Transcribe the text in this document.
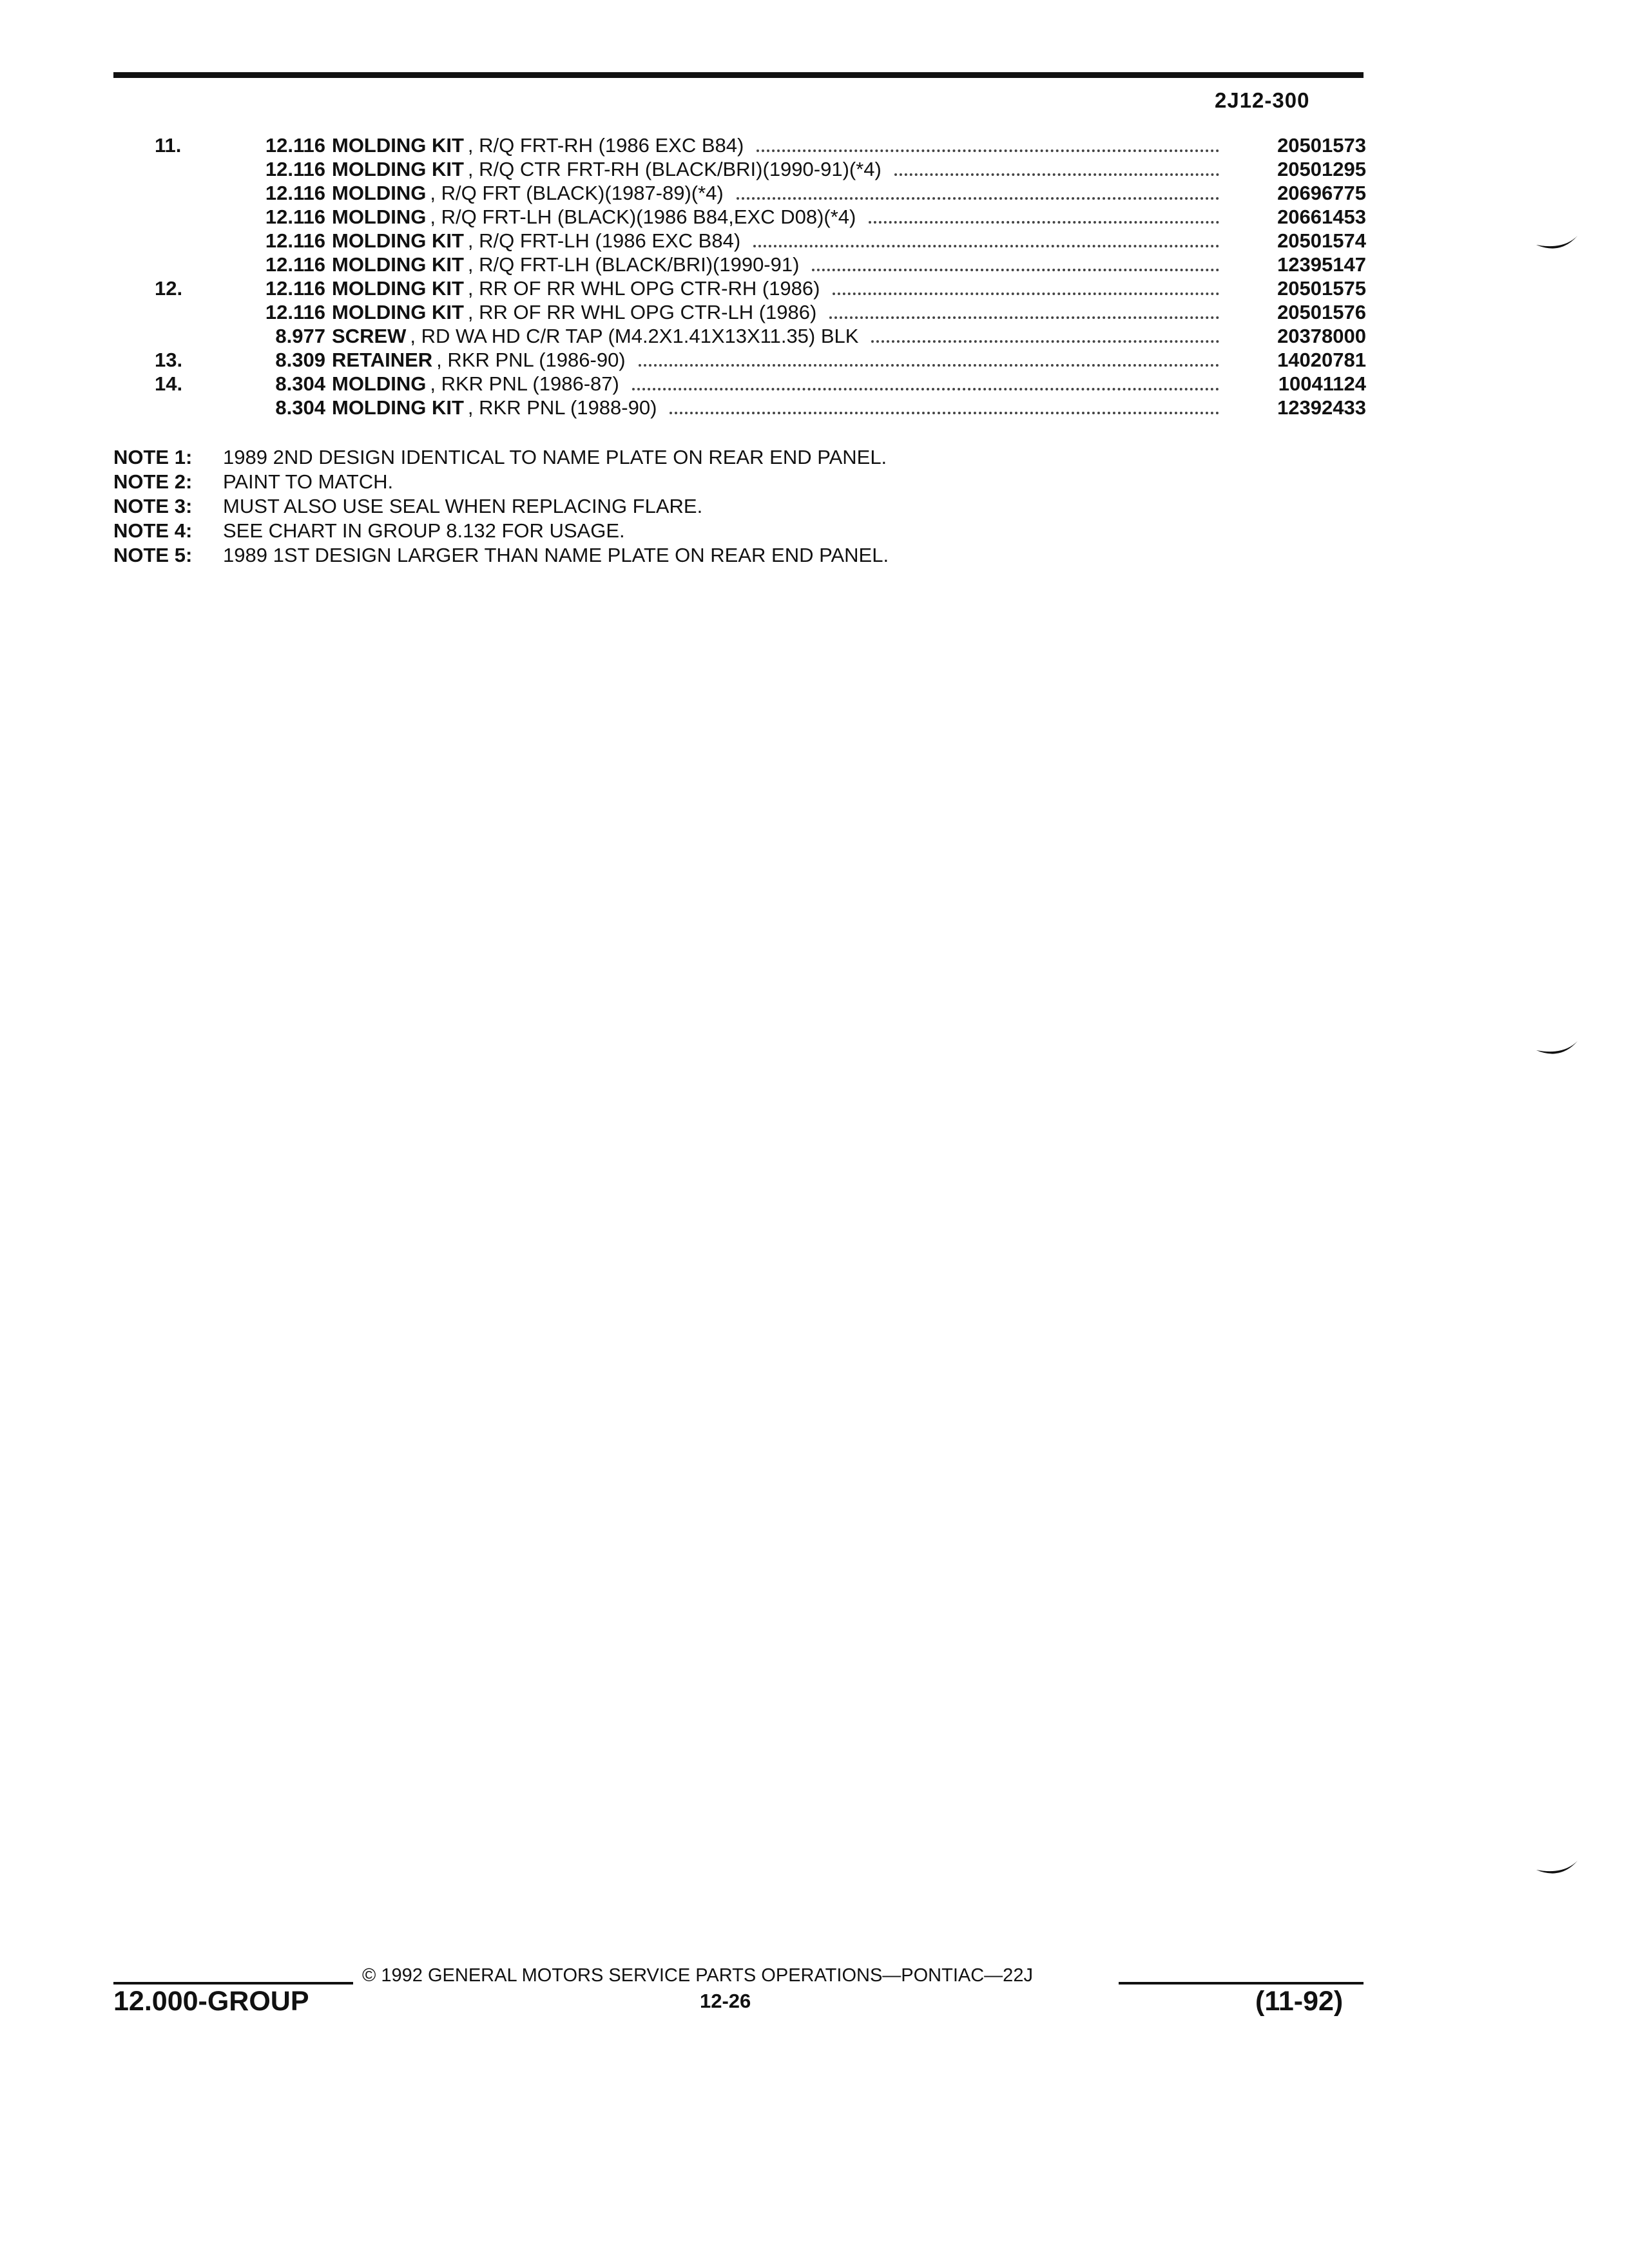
2J12-300
11.	12.116 MOLDING KIT , R/Q FRT-RH (1986 EXC B84)	20501573
12.116 MOLDING KIT , R/Q CTR FRT-RH (BLACK/BRI)(1990-91)(*4)	20501295
12.116 MOLDING , R/Q FRT (BLACK)(1987-89)(*4)	20696775
12.116 MOLDING , R/Q FRT-LH (BLACK)(1986 B84,EXC D08)(*4)	20661453
12.116 MOLDING KIT , R/Q FRT-LH (1986 EXC B84)	20501574
12.116 MOLDING KIT , R/Q FRT-LH (BLACK/BRI)(1990-91)	12395147
12.	12.116 MOLDING KIT , RR OF RR WHL OPG CTR-RH (1986)	20501575
12.116 MOLDING KIT , RR OF RR WHL OPG CTR-LH (1986)	20501576
8.977 SCREW , RD WA HD C/R TAP (M4.2X1.41X13X11.35) BLK	20378000
13.	8.309 RETAINER , RKR PNL (1986-90)	14020781
14.	8.304 MOLDING , RKR PNL (1986-87)	10041124
8.304 MOLDING KIT , RKR PNL (1988-90)	12392433
NOTE 1: 1989 2ND DESIGN IDENTICAL TO NAME PLATE ON REAR END PANEL.
NOTE 2: PAINT TO MATCH.
NOTE 3: MUST ALSO USE SEAL WHEN REPLACING FLARE.
NOTE 4: SEE CHART IN GROUP 8.132 FOR USAGE.
NOTE 5: 1989 1ST DESIGN LARGER THAN NAME PLATE ON REAR END PANEL.
© 1992 GENERAL MOTORS SERVICE PARTS OPERATIONS—PONTIAC—22J
12.000-GROUP	12-26	(11-92)
